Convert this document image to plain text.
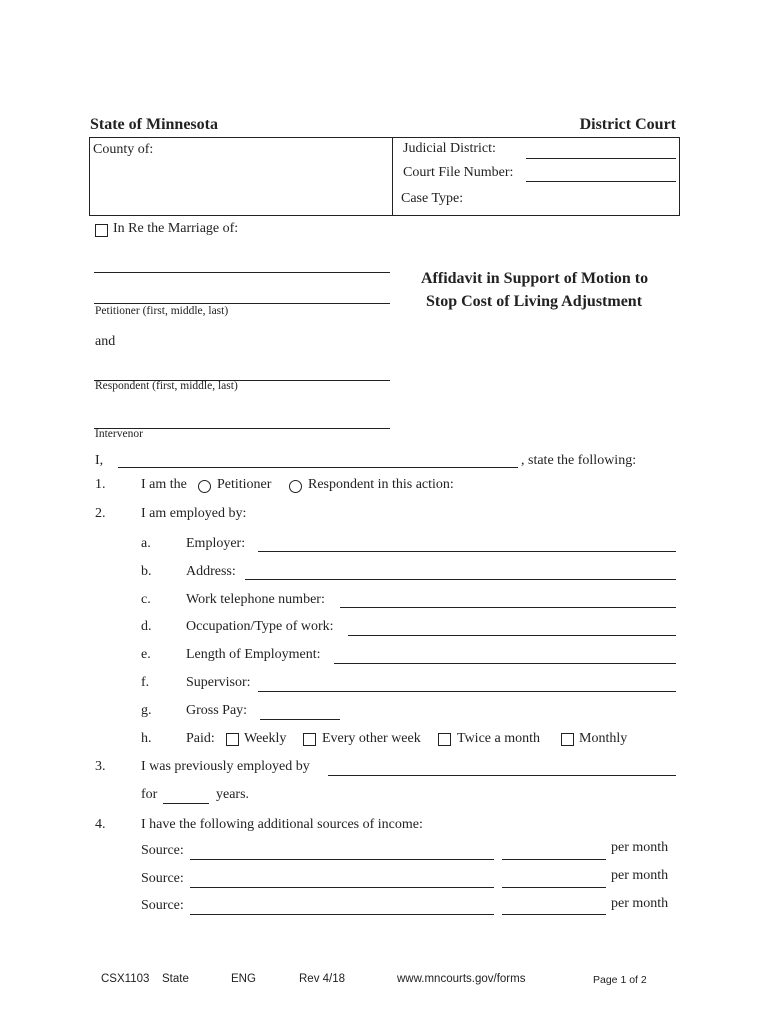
State of Minnesota	District Court
County of:	Judicial District:
Court File Number:
Case Type:
In Re the Marriage of:
Petitioner (first, middle, last)
and
Respondent (first, middle, last)
Intervenor
Affidavit in Support of Motion to
Stop Cost of Living Adjustment
I,	, state the following:
1.	I am the Petitioner	Respondent in this action:
2.	I am employed by:
a.	Employer:
b. Address:
c.	Work telephone number:
d. Occupation/Type of work:
e.	Length of Employment:
f.	Supervisor:
g. Gross Pay:
h. Paid: Weekly	Every other week	Twice a month	Monthly
3.	I was previously employed by
for	years.
4.	I have the following additional sources of income:
Source:	per month
Source:	per month
Source:	per month
CSX1103 State	ENG	Rev 4/18	www.mncourts.gov/forms	Page 1 of 2
